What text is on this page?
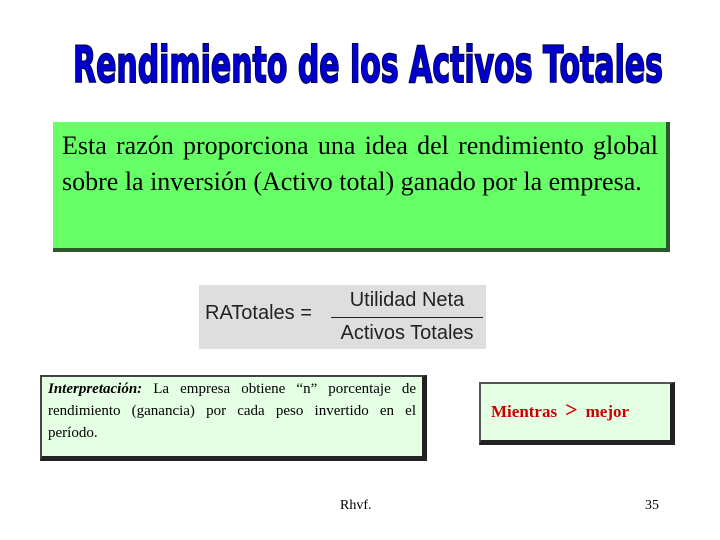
Rendimiento de los Activos Totales
Esta razón proporciona una idea del rendimiento global sobre la inversión (Activo total) ganado por la empresa.
RATotales =
Utilidad Neta
Activos Totales
Interpretación: La empresa obtiene “n” porcentaje de rendimiento (ganancia) por cada peso invertido en el período.
Mientras > mejor
Rhvf.	35
